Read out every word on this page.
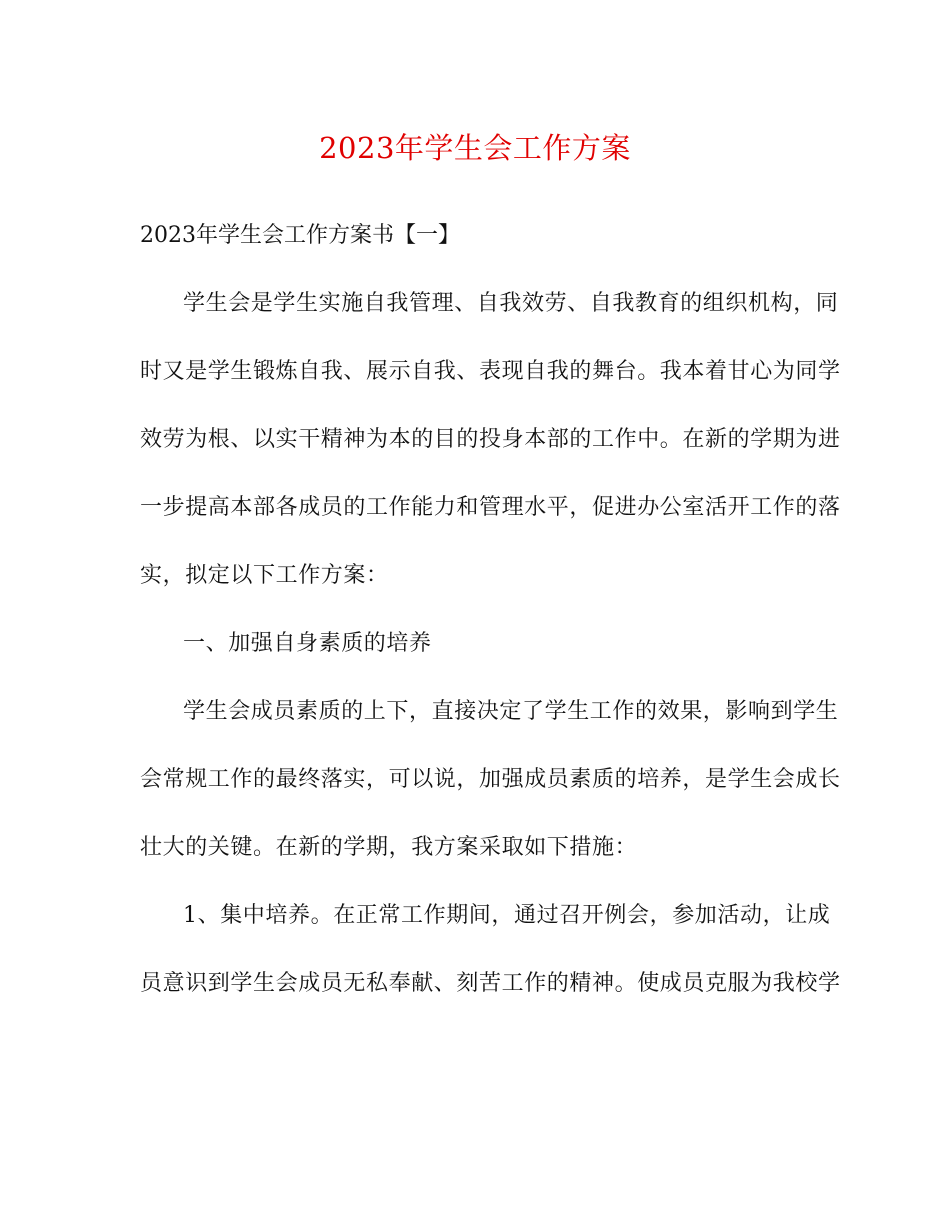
2023年学生会工作方案
2023年学生会工作方案书【一】
学生会是学生实施自我管理、自我效劳、自我教育的组织机构，同
时又是学生锻炼自我、展示自我、表现自我的舞台。我本着甘心为同学
效劳为根、以实干精神为本的目的投身本部的工作中。在新的学期为进
一步提高本部各成员的工作能力和管理水平，促进办公室活开工作的落
实，拟定以下工作方案：
一、加强自身素质的培养
学生会成员素质的上下，直接决定了学生工作的效果，影响到学生
会常规工作的最终落实，可以说，加强成员素质的培养，是学生会成长
壮大的关键。在新的学期，我方案采取如下措施：
1、集中培养。在正常工作期间，通过召开例会，参加活动，让成
员意识到学生会成员无私奉献、刻苦工作的精神。使成员克服为我校学
